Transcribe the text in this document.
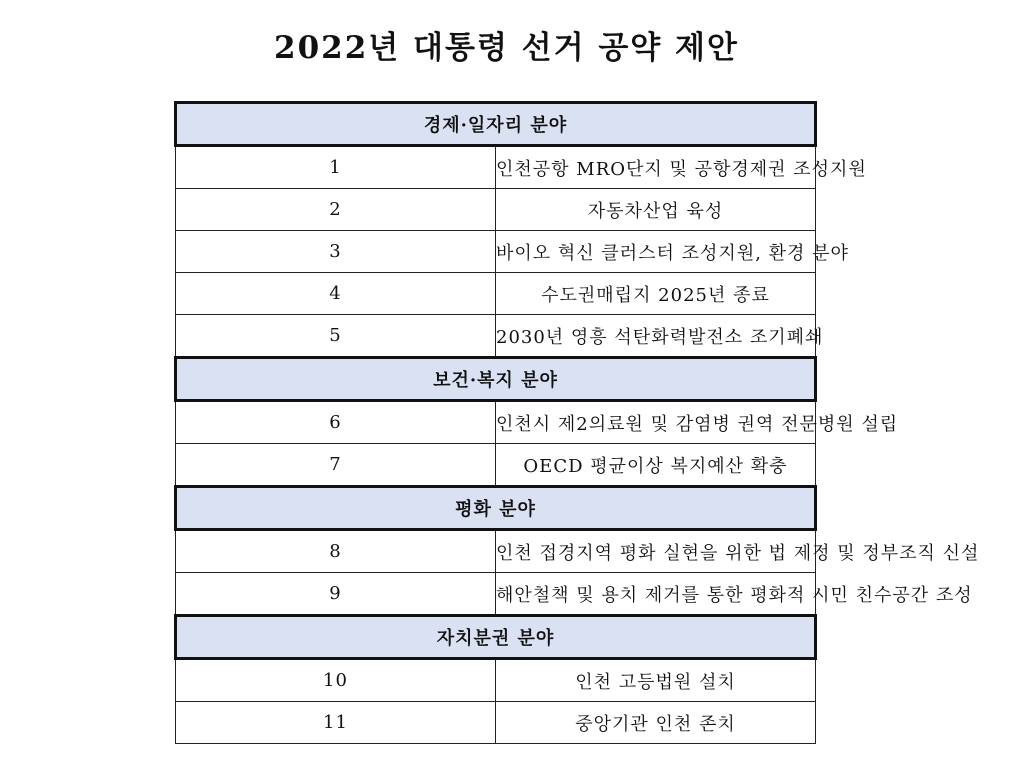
2022년 대통령 선거 공약 제안
경제·일자리 분야	
1	인천공항 MRO단지 및 공항경제권 조성지원
2	자동차산업 육성
3	바이오 혁신 클러스터 조성지원, 환경 분야
4	수도권매립지 2025년 종료
5	2030년 영흥 석탄화력발전소 조기폐쇄
보건·복지 분야	
6	인천시 제2의료원 및 감염병 권역 전문병원 설립
7	OECD 평균이상 복지예산 확충
평화 분야	
8	인천 접경지역 평화 실현을 위한 법 제정 및 정부조직 신설
9	해안철책 및 용치 제거를 통한 평화적 시민 친수공간 조성
자치분권 분야	
10	인천 고등법원 설치
11	중앙기관 인천 존치
